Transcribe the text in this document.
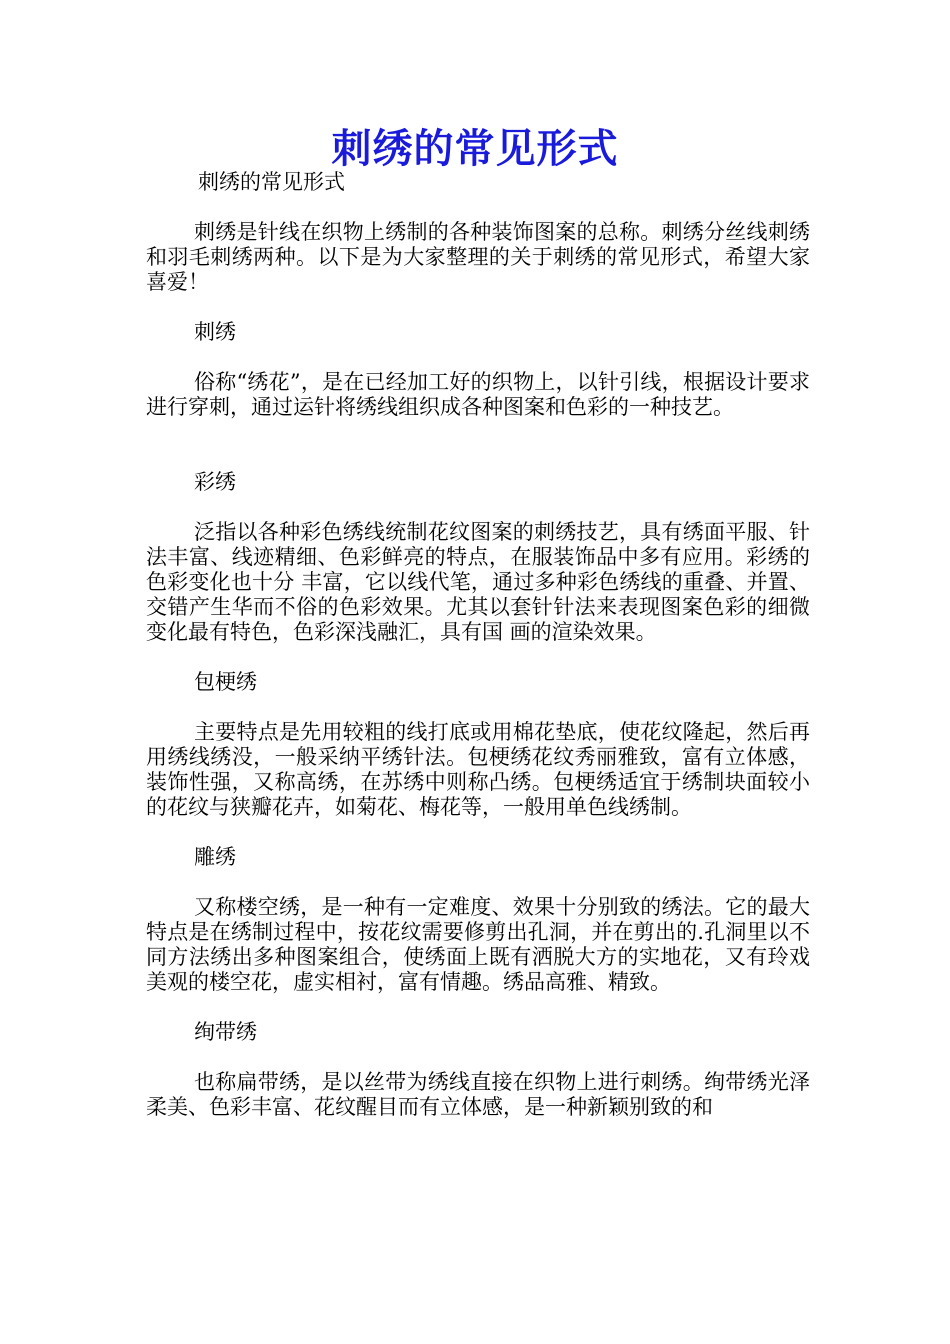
刺绣的常见形式

刺绣的常见形式

刺绣是针线在织物上绣制的各种装饰图案的总称。刺绣分丝线刺绣和羽毛刺绣两种。以下是为大家整理的关于刺绣的常见形式，希望大家喜爱！

刺绣

俗称“绣花”，是在已经加工好的织物上，以针引线，根据设计要求进行穿刺，通过运针将绣线组织成各种图案和色彩的一种技艺。

彩绣

泛指以各种彩色绣线统制花纹图案的刺绣技艺，具有绣面平服、针法丰富、线迹精细、色彩鲜亮的特点，在服装饰品中多有应用。彩绣的色彩变化也十分 丰富，它以线代笔，通过多种彩色绣线的重叠、并置、交错产生华而不俗的色彩效果。尤其以套针针法来表现图案色彩的细微变化最有特色，色彩深浅融汇，具有国 画的渲染效果。

包梗绣

主要特点是先用较粗的线打底或用棉花垫底，使花纹隆起，然后再用绣线绣没，一般采纳平绣针法。包梗绣花纹秀丽雅致，富有立体感，装饰性强，又称高绣，在苏绣中则称凸绣。包梗绣适宜于绣制块面较小的花纹与狭瓣花卉，如菊花、梅花等，一般用单色线绣制。

雕绣

又称楼空绣，是一种有一定难度、效果十分别致的绣法。它的最大特点是在绣制过程中，按花纹需要修剪出孔洞，并在剪出的.孔洞里以不同方法绣出多种图案组合，使绣面上既有洒脱大方的实地花，又有玲戏美观的楼空花，虚实相衬，富有情趣。绣品高雅、精致。

绚带绣

也称扁带绣，是以丝带为绣线直接在织物上进行刺绣。绚带绣光泽柔美、色彩丰富、花纹醒目而有立体感，是一种新颖别致的和
